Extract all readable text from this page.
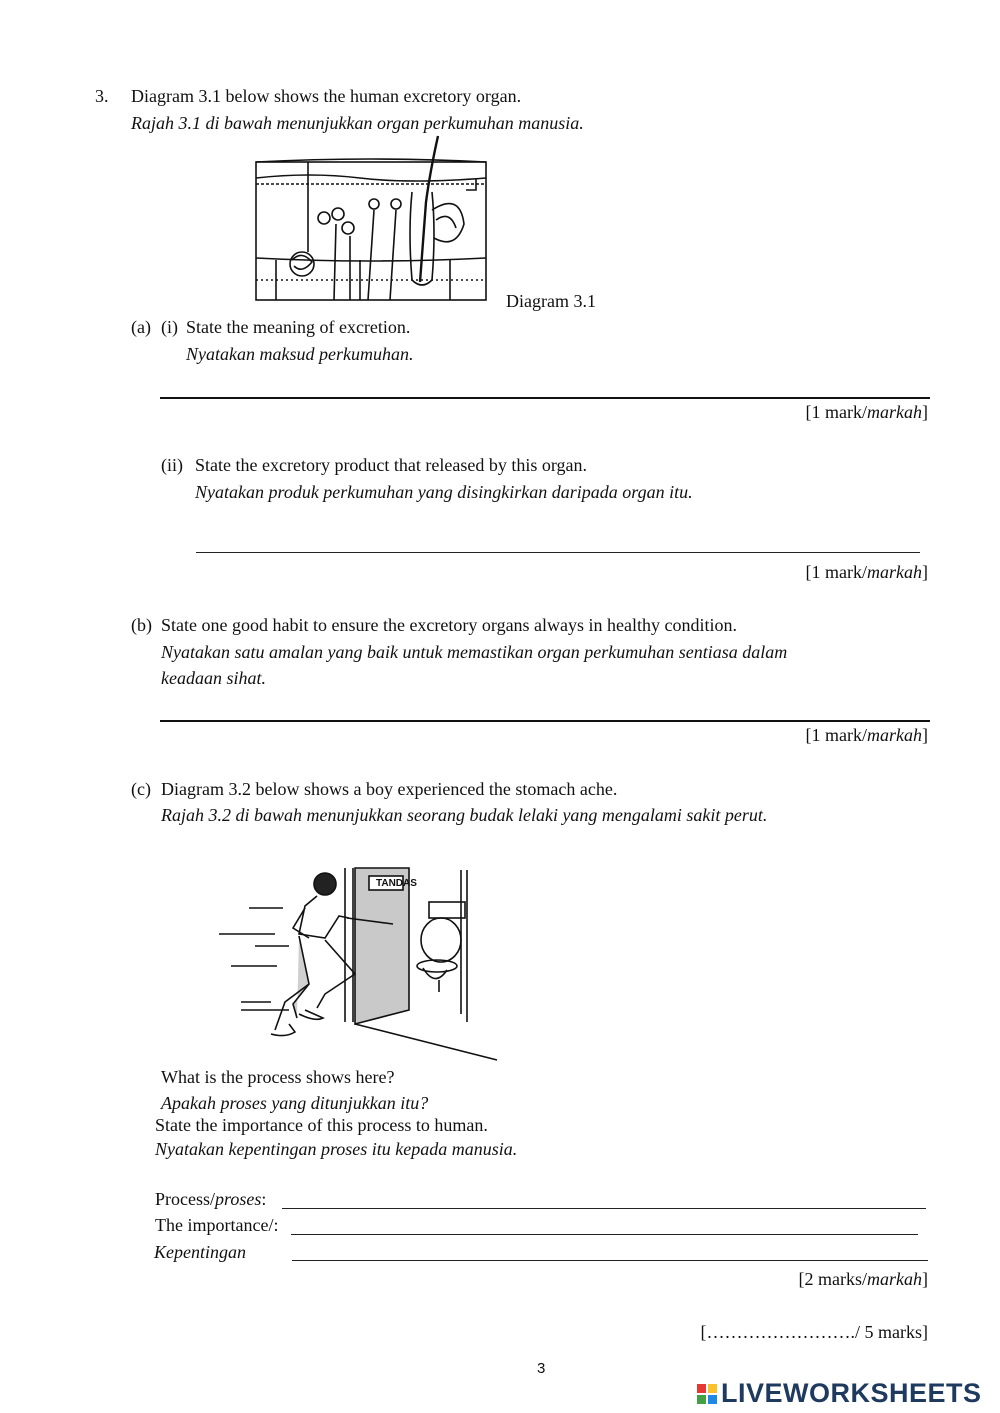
3. Diagram 3.1 below shows the human excretory organ.
Rajah 3.1 di bawah menunjukkan organ perkumuhan manusia.
Diagram 3.1
(a) (i) State the meaning of excretion.
Nyatakan maksud perkumuhan.
[1 mark/markah]
(ii) State the excretory product that released by this organ.
Nyatakan produk perkumuhan yang disingkirkan daripada organ itu.
[1 mark/markah]
(b) State one good habit to ensure the excretory organs always in healthy condition.
Nyatakan satu amalan yang baik untuk memastikan organ perkumuhan sentiasa dalam
keadaan sihat.
[1 mark/markah]
(c) Diagram 3.2 below shows a boy experienced the stomach ache.
Rajah 3.2 di bawah menunjukkan seorang budak lelaki yang mengalami sakit perut.
TANDAS
What is the process shows here?
Apakah proses yang ditunjukkan itu?
State the importance of this process to human.
Nyatakan kepentingan proses itu kepada manusia.
Process/proses:
The importance/:
Kepentingan
[2 marks/markah]
[……………………./ 5 marks]
3
LIVEWORKSHEETS
